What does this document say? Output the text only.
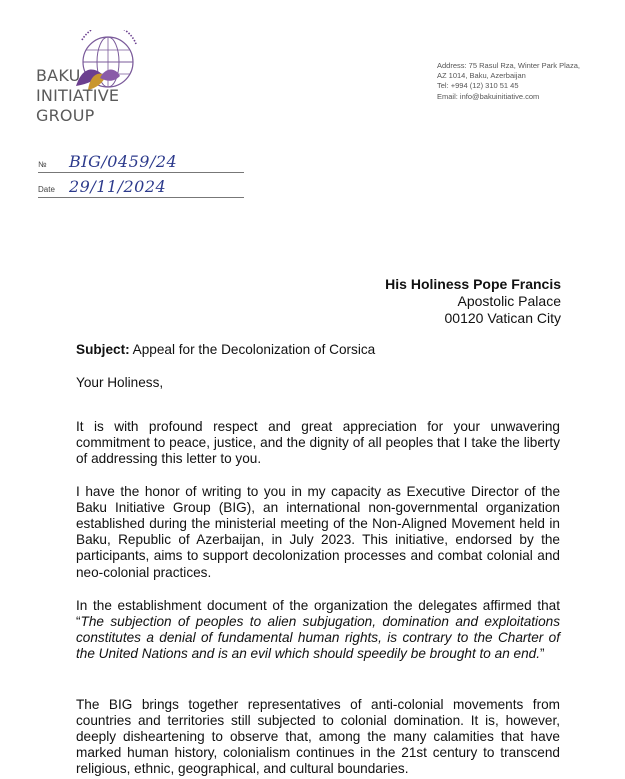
BAKU
INITIATIVE
GROUP
Address: 75 Rasul Rza, Winter Park Plaza,
AZ 1014, Baku, Azerbaijan
Tel: +994 (12) 310 51 45
Email: info@bakuinitiative.com
№ BIG/0459/24
Date 29/11/2024
His Holiness Pope Francis
Apostolic Palace
00120 Vatican City
Subject: Appeal for the Decolonization of Corsica
Your Holiness,

It is with profound respect and great appreciation for your unwavering commitment to peace, justice, and the dignity of all peoples that I take the liberty of addressing this letter to you.

I have the honor of writing to you in my capacity as Executive Director of the Baku Initiative Group (BIG), an international non-governmental organization established during the ministerial meeting of the Non-Aligned Movement held in Baku, Republic of Azerbaijan, in July 2023. This initiative, endorsed by the participants, aims to support decolonization processes and combat colonial and neo-colonial practices.

In the establishment document of the organization the delegates affirmed that “The subjection of peoples to alien subjugation, domination and exploitations constitutes a denial of fundamental human rights, is contrary to the Charter of the United Nations and is an evil which should speedily be brought to an end.”

The BIG brings together representatives of anti-colonial movements from countries and territories still subjected to colonial domination. It is, however, deeply disheartening to observe that, among the many calamities that have marked human history, colonialism continues in the 21st century to transcend religious, ethnic, geographical, and cultural boundaries.
